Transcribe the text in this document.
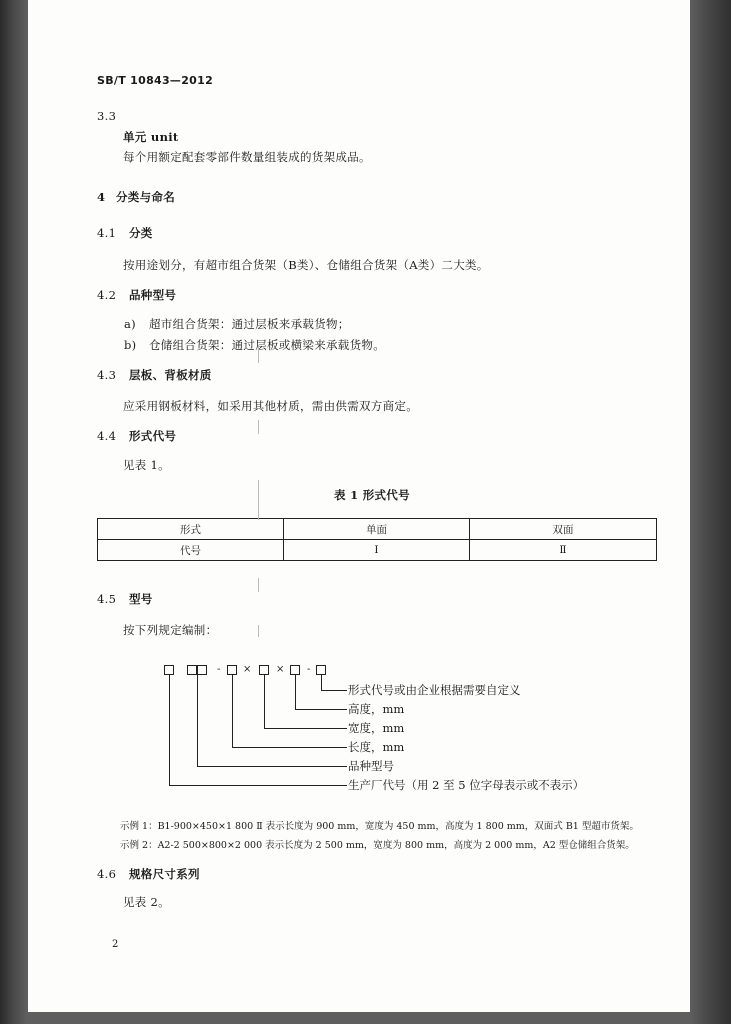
SB/T 10843—2012
3.3
单元 unit
每个用额定配套零部件数量组装成的货架成品。
4 分类与命名
4.1 分类
按用途划分，有超市组合货架（B类）、仓储组合货架（A类）二大类。
4.2 品种型号
a) 超市组合货架：通过层板来承载货物；
b) 仓储组合货架：通过层板或横梁来承载货物。
4.3 层板、背板材质
应采用钢板材料，如采用其他材质，需由供需双方商定。
4.4 形式代号
见表 1。
表 1 形式代号
形式	单面	双面
代号	I	Ⅱ
4.5 型号
按下列规定编制：
- × × -
形式代号或由企业根据需要自定义
高度，mm
宽度，mm
长度，mm
品种型号
生产厂代号（用 2 至 5 位字母表示或不表示）
示例 1：B1-900×450×1 800 Ⅱ 表示长度为 900 mm，宽度为 450 mm，高度为 1 800 mm，双面式 B1 型超市货架。
示例 2：A2-2 500×800×2 000 表示长度为 2 500 mm，宽度为 800 mm，高度为 2 000 mm，A2 型仓储组合货架。
4.6 规格尺寸系列
见表 2。
2
